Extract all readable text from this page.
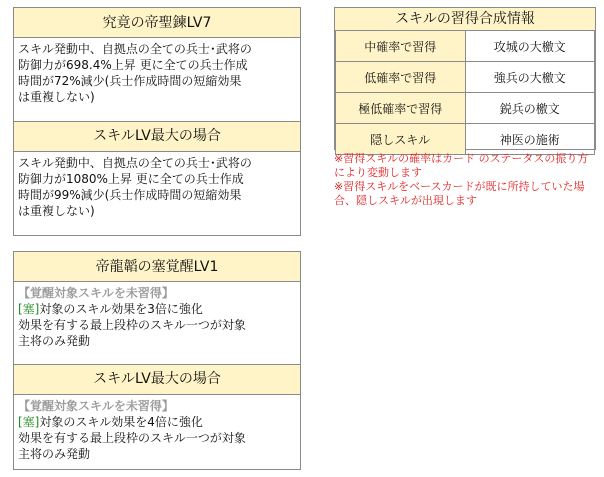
究竟の帝聖鍊LV7
スキル発動中、自拠点の全ての兵士･武将の
防御力が698.4%上昇 更に全ての兵士作成
時間が72%減少(兵士作成時間の短縮効果
は重複しない)
スキルLV最大の場合
スキル発動中、自拠点の全ての兵士･武将の
防御力が1080%上昇 更に全ての兵士作成
時間が99%減少(兵士作成時間の短縮効果
は重複しない)
スキルの習得合成情報
中確率で習得	攻城の大檄文
低確率で習得	強兵の大檄文
極低確率で習得	鋭兵の檄文
隠しスキル	神医の施術
※習得スキルの確率はカード のステータスの振り方
により変動します
※習得スキルをベースカードが既に所持していた場
合、隠しスキルが出現します
帝龍韜の塞覚醒LV1
【覚醒対象スキルを未習得】
[塞]対象のスキル効果を3倍に強化
効果を有する最上段枠のスキル一つが対象
主将のみ発動
スキルLV最大の場合
【覚醒対象スキルを未習得】
[塞]対象のスキル効果を4倍に強化
効果を有する最上段枠のスキル一つが対象
主将のみ発動
